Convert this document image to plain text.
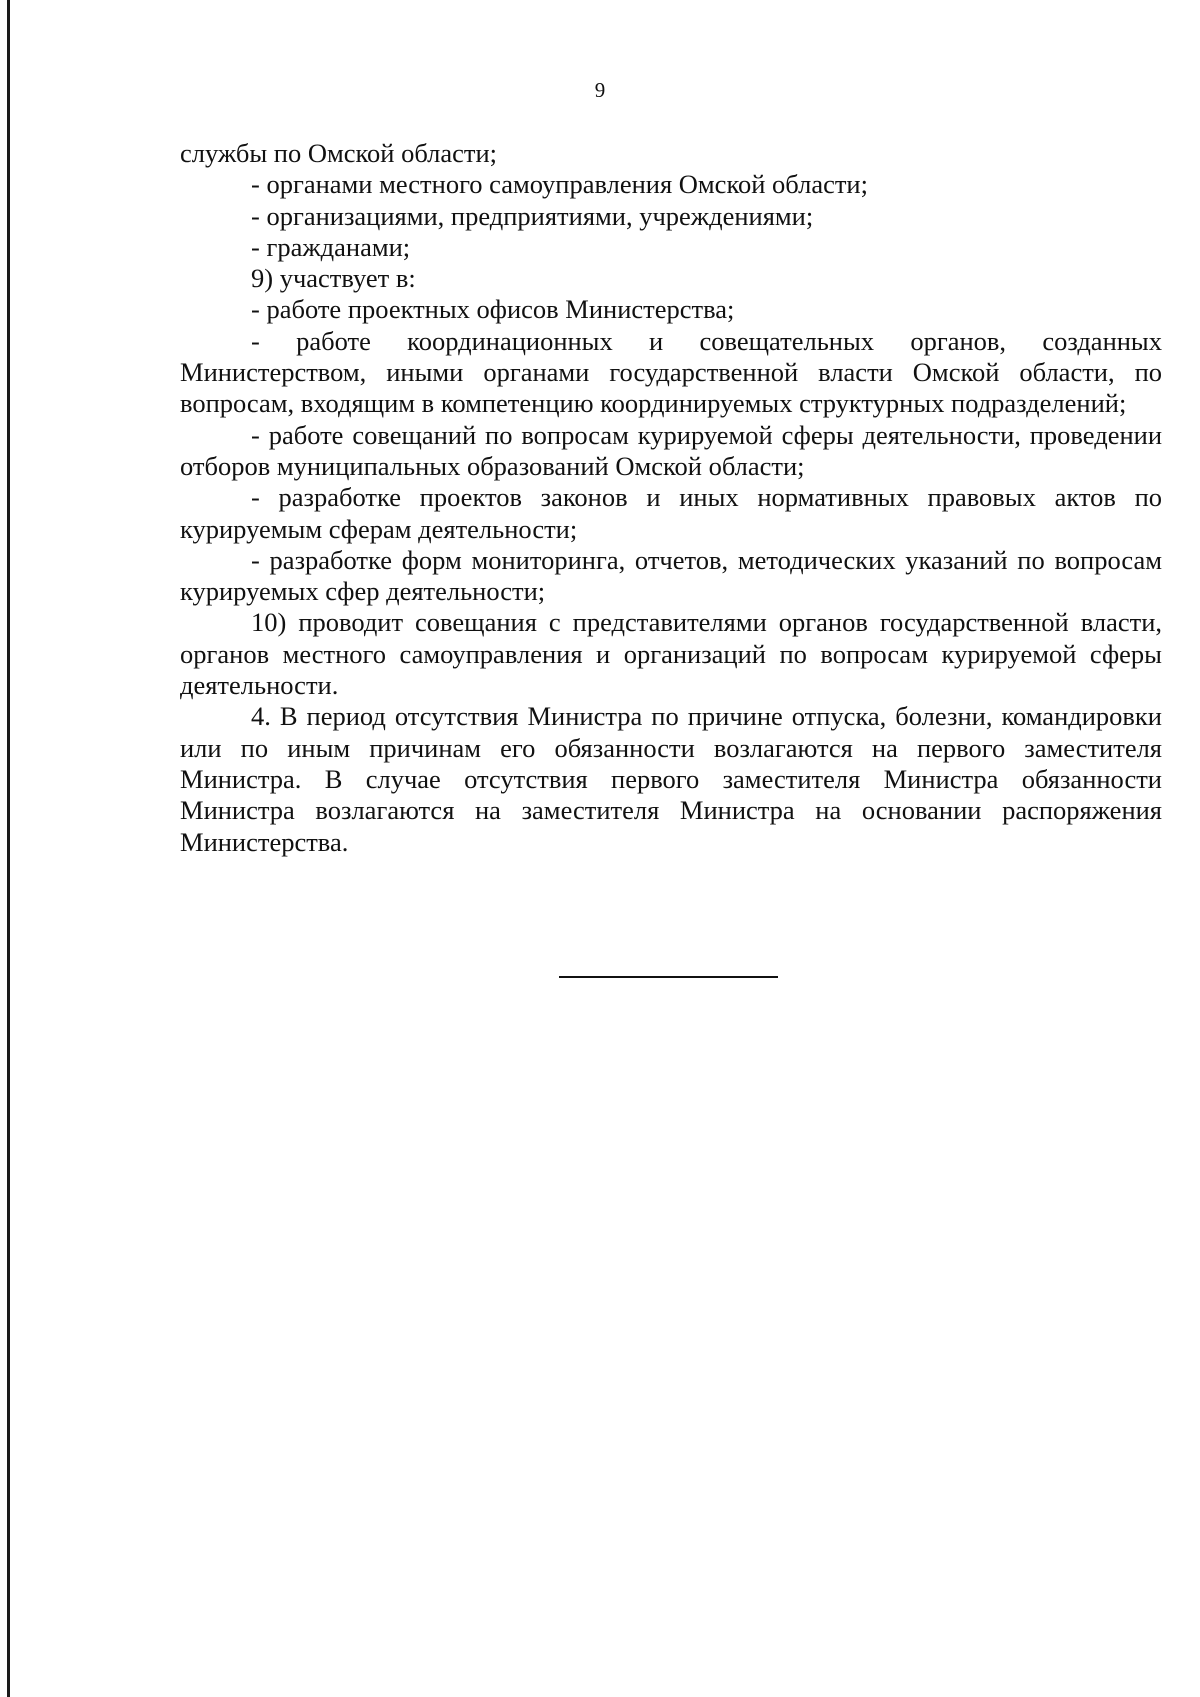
9

службы по Омской области;

- органами местного самоуправления Омской области;

- организациями, предприятиями, учреждениями;

- гражданами;

9) участвует в:

- работе проектных офисов Министерства;

- работе координационных и совещательных органов, созданных Министерством, иными органами государственной власти Омской области, по вопросам, входящим в компетенцию координируемых структурных подразделений;

- работе совещаний по вопросам курируемой сферы деятельности, проведении отборов муниципальных образований Омской области;

- разработке проектов законов и иных нормативных правовых актов по курируемым сферам деятельности;

- разработке форм мониторинга, отчетов, методических указаний по вопросам курируемых сфер деятельности;

10) проводит совещания с представителями органов государственной власти, органов местного самоуправления и организаций по вопросам курируемой сферы деятельности.

4. В период отсутствия Министра по причине отпуска, болезни, командировки или по иным причинам его обязанности возлагаются на первого заместителя Министра. В случае отсутствия первого заместителя Министра обязанности Министра возлагаются на заместителя Министра на основании распоряжения Министерства.
